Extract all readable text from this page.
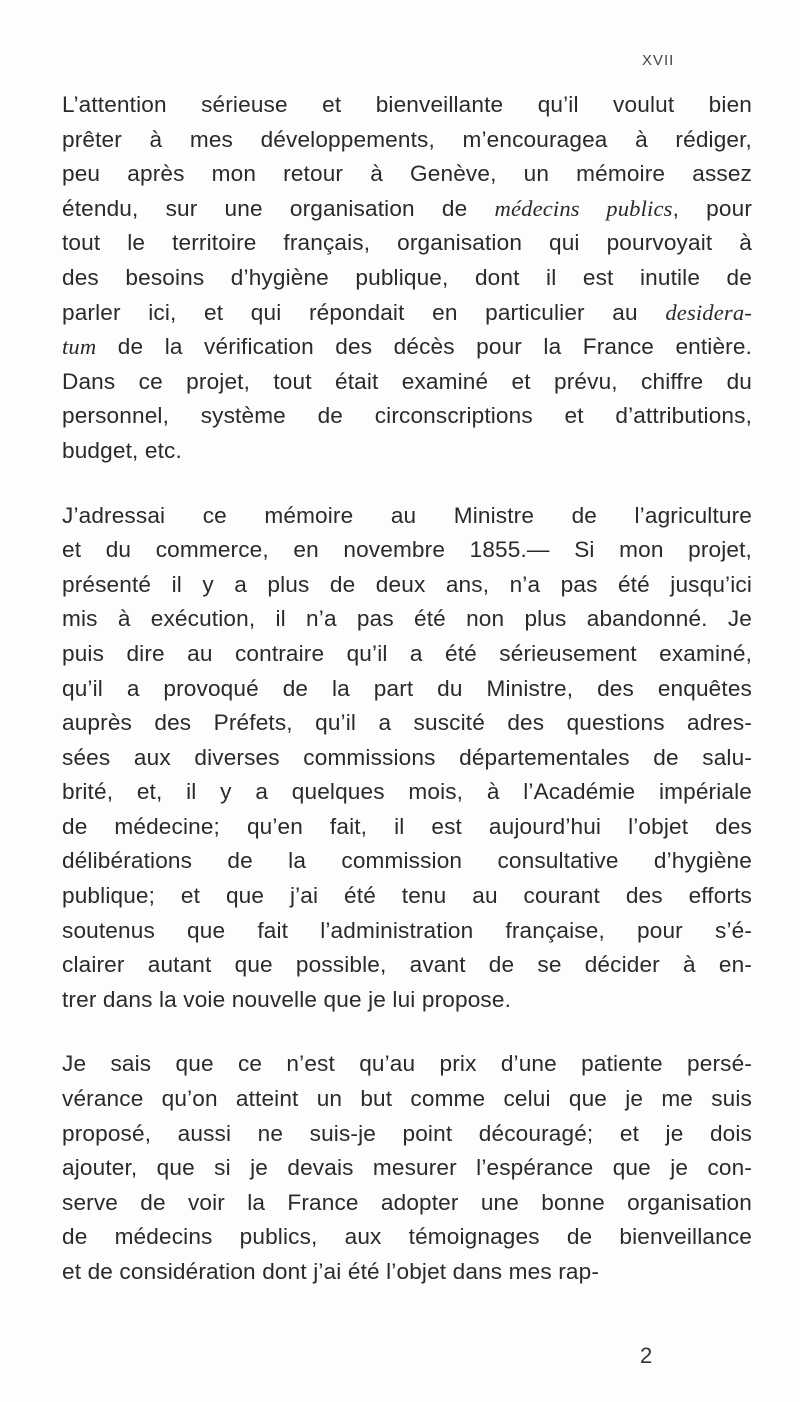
XVII
L’attention sérieuse et bienveillante qu’il voulut bien
prêter à mes développements, m’encouragea à rédiger,
peu après mon retour à Genève, un mémoire assez
étendu, sur une organisation de médecins publics, pour
tout le territoire français, organisation qui pourvoyait à
des besoins d’hygiène publique, dont il est inutile de
parler ici, et qui répondait en particulier au desidera-
tum de la vérification des décès pour la France entière.
Dans ce projet, tout était examiné et prévu, chiffre du
personnel, système de circonscriptions et d’attributions,
budget, etc.
J’adressai ce mémoire au Ministre de l’agriculture
et du commerce, en novembre 1855.— Si mon projet,
présenté il y a plus de deux ans, n’a pas été jusqu’ici
mis à exécution, il n’a pas été non plus abandonné. Je
puis dire au contraire qu’il a été sérieusement examiné,
qu’il a provoqué de la part du Ministre, des enquêtes
auprès des Préfets, qu’il a suscité des questions adres-
sées aux diverses commissions départementales de salu-
brité, et, il y a quelques mois, à l’Académie impériale
de médecine; qu’en fait, il est aujourd’hui l’objet des
délibérations de la commission consultative d’hygiène
publique; et que j’ai été tenu au courant des efforts
soutenus que fait l’administration française, pour s’é-
clairer autant que possible, avant de se décider à en-
trer dans la voie nouvelle que je lui propose.
Je sais que ce n’est qu’au prix d’une patiente persé-
vérance qu’on atteint un but comme celui que je me suis
proposé, aussi ne suis-je point découragé; et je dois
ajouter, que si je devais mesurer l’espérance que je con-
serve de voir la France adopter une bonne organisation
de médecins publics, aux témoignages de bienveillance
et de considération dont j’ai été l’objet dans mes rap-
2
